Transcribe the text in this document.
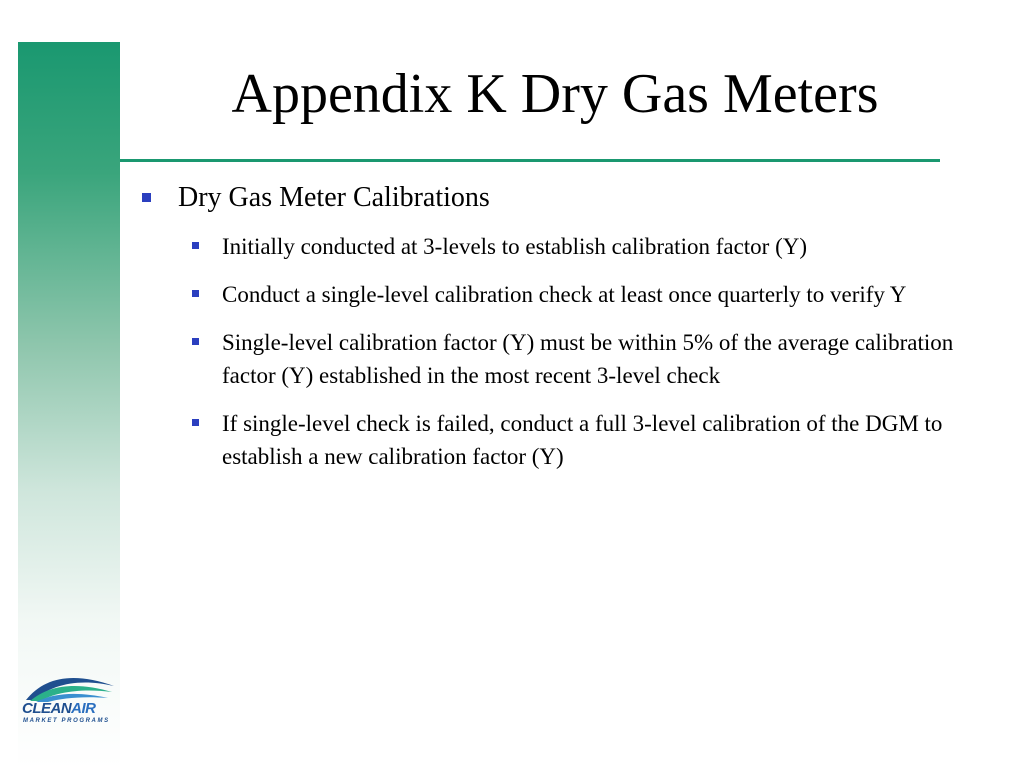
Appendix K Dry Gas Meters
Dry Gas Meter Calibrations
Initially conducted at 3-levels to establish calibration factor (Y)
Conduct a single-level calibration check at least once quarterly to verify Y
Single-level calibration factor (Y) must be within 5% of the average calibration factor (Y) established in the most recent 3-level check
If single-level check is failed, conduct a full 3-level calibration of the DGM to establish a new calibration factor (Y)
CLEANAIR
MARKET PROGRAMS
